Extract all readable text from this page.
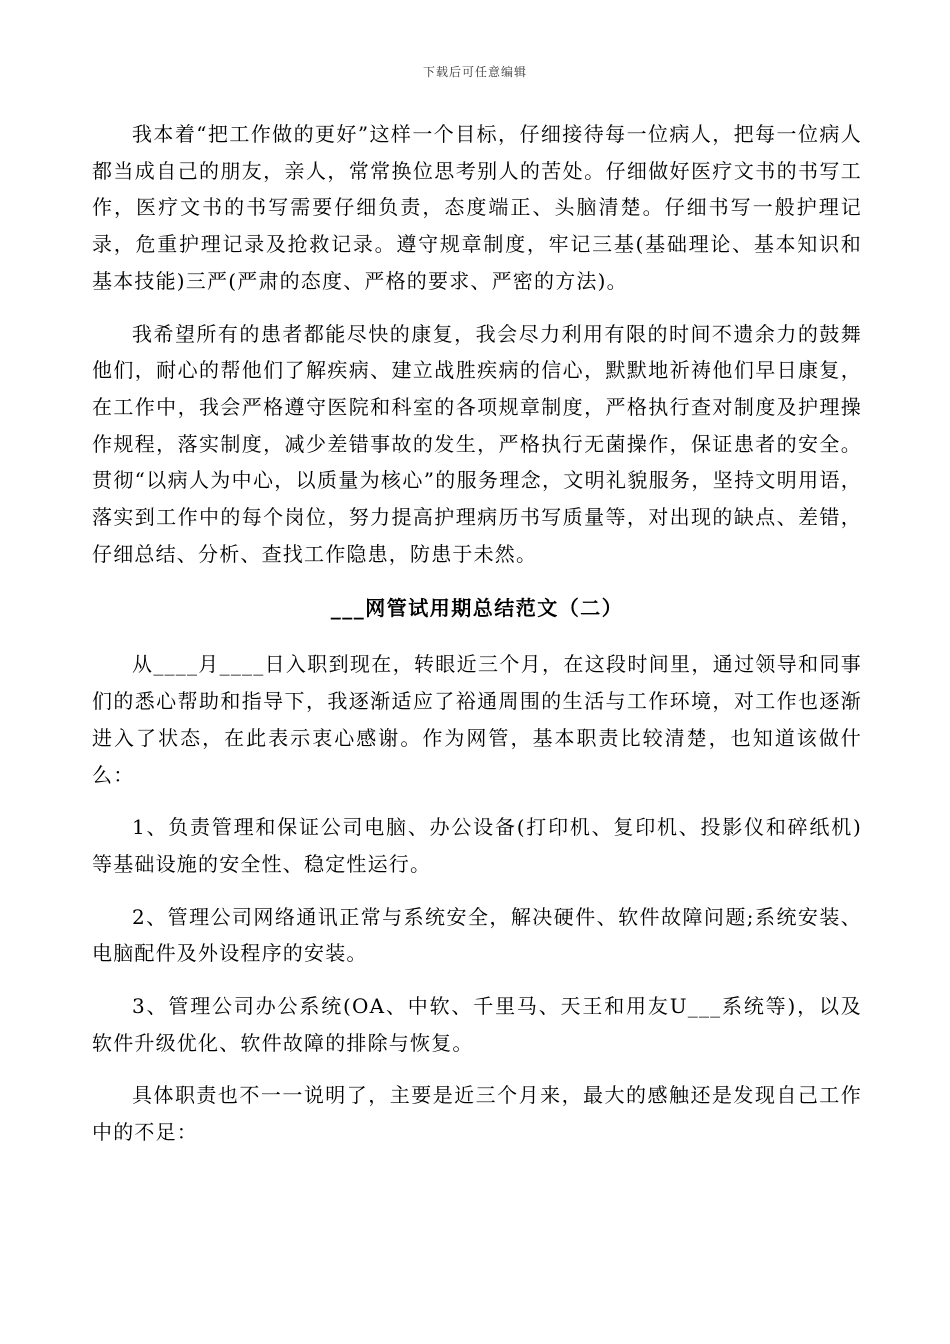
下载后可任意编辑

我本着“把工作做的更好”这样一个目标，仔细接待每一位病人，把每一位病人都当成自己的朋友，亲人，常常换位思考别人的苦处。仔细做好医疗文书的书写工作，医疗文书的书写需要仔细负责，态度端正、头脑清楚。仔细书写一般护理记录，危重护理记录及抢救记录。遵守规章制度，牢记三基(基础理论、基本知识和基本技能)三严(严肃的态度、严格的要求、严密的方法)。

我希望所有的患者都能尽快的康复，我会尽力利用有限的时间不遗余力的鼓舞他们，耐心的帮他们了解疾病、建立战胜疾病的信心，默默地祈祷他们早日康复，在工作中，我会严格遵守医院和科室的各项规章制度，严格执行查对制度及护理操作规程，落实制度，减少差错事故的发生，严格执行无菌操作，保证患者的安全。贯彻“以病人为中心，以质量为核心”的服务理念，文明礼貌服务，坚持文明用语，落实到工作中的每个岗位，努力提高护理病历书写质量等，对出现的缺点、差错，仔细总结、分析、查找工作隐患，防患于未然。

___网管试用期总结范文（二）

从____月____日入职到现在，转眼近三个月，在这段时间里，通过领导和同事们的悉心帮助和指导下，我逐渐适应了裕通周围的生活与工作环境，对工作也逐渐进入了状态，在此表示衷心感谢。作为网管，基本职责比较清楚，也知道该做什么：

1、负责管理和保证公司电脑、办公设备(打印机、复印机、投影仪和碎纸机)等基础设施的安全性、稳定性运行。

2、管理公司网络通讯正常与系统安全，解决硬件、软件故障问题;系统安装、电脑配件及外设程序的安装。

3、管理公司办公系统(OA、中软、千里马、天王和用友U___系统等)，以及软件升级优化、软件故障的排除与恢复。

具体职责也不一一说明了，主要是近三个月来，最大的感触还是发现自己工作中的不足：
